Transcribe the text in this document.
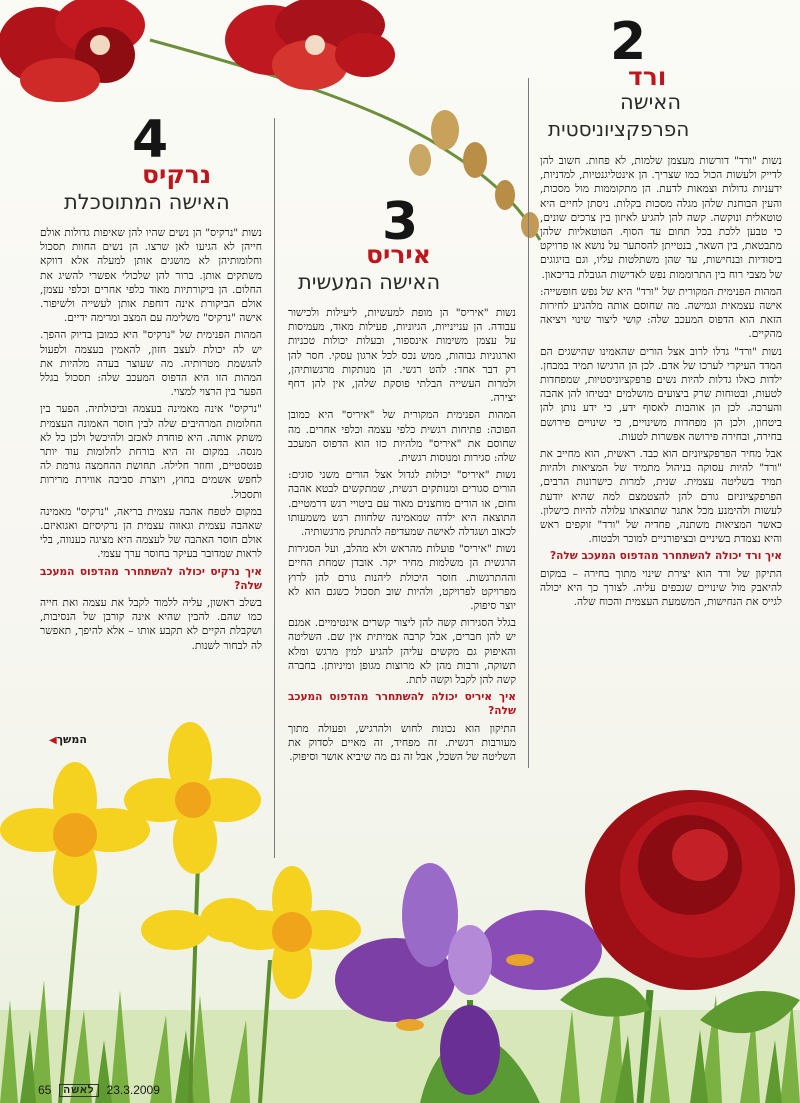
2
ורד
האישה
הפרפקציוניסטית

נשות "ורד" דורשות מעצמן שלמות, לא פחות. חשוב להן לדייק ולעשות הכול כמו שצריך. הן אינטליגנטיות, למדניות, ידעניות גדולות וצמאות לדעת. הן מתקוממות מול מסכות, והעין הבוחנת שלהן מגלה מסכות בקלות. ניסתן לחיים היא טוטאלית ונוקשה. קשה להן להגיע לאיזון בין צרכים שונים, כי טבען ללכת בכל תחום עד הסוף. הטוטאליות שלהן מתבטאת, בין השאר, בנטייתן להסתער על נושא או פרויקט ביסודיות ובנחישות, עד שהן משתלטות עליו, וגם בזיגוגים של מצבי רוח בין התרוממות נפש לאדישות הגובלת בדיכאון.

המהות הפנימית המקורית של "ורד" היא של נפש חופשייה: אישה עצמאית וגמישה. מה שחוסם אותה מלהגיע לחירות הזאת הוא הדפוס המעכב שלה: קושי ליצור שינוי ויציאה מהקיים.

נשות "ורד" גדלו לרוב אצל הורים שהאמינו שהישגים הם המדד העיקרי לערכו של אדם. לכן הן הרגישו תמיד במבחן. ילדות כאלו גדלות להיות נשים פרפקציוניסטיות, שמפחדות לטעות, ובטוחות שרק ביצועים מושלמים יבטיחו להן אהבה והערכה. לכן הן אוהבות לאסוף ידע, כי ידע נותן להן ביטחון, ולכן הן מפחדות משינויים, כי שינויים פירושם בחירה, ובחירה פירושה אפשרות לטעות.

אבל מחיר הפרפקציוניזם הוא כבד. ראשית, הוא מחייב את "ורד" להיות עסוקה בניהול מתמיד של המציאות ולהיות תמיד בשליטה עצמית. שנית, למרות כישרונות הרבים, הפרפקציוניזם גורם להן להצטמצם למה שהיא יודעת לעשות ולהימנע מכל אתגר שתוצאתו עלולה להיות כישלון. כאשר המציאות משתנה, פחדיה של "ורד" זוקפים ראש והיא נצמדת בשיניים ובציפורניים למוכר ולבטוח.

איך ורד יכולה להשתחרר מהדפוס המעכב שלה?

התיקון של ורד הוא יצירת שינוי מתוך בחירה – במקום להיאבק מול שינויים שנכפים עליה. לצורך כך היא יכולה לגייס את הנחישות, המשמעת העצמית והכוח שלה.

3
איריס
האישה המעשית

נשות "איריס" הן מופת למעשיות, ליעילות ולכישור עבודה. הן עניינייות, הגיוניות, פעילות מאוד, מעמיסות על עצמן משימות אינספור, ובעלות יכולות טכניות וארגוניות גבוהות, ממש נכס לכל ארגון עסקי. חסר להן רק דבר אחד: להט רגשי. הן מנותקות מרגשותיהן, ולמרות העשייה הבלתי פוסקת שלהן, אין להן דחף יצירה.

המהות הפנימית המקורית של "איריס" היא כמובן הפוכה: פתיחות רגשית כלפי עצמה וכלפי אחרים. מה שחוסם את "איריס" מלהיות כזו הוא הדפוס המעכב שלה: סגירות ומנוסות רגשית.

נשות "איריס" יכולות לגדול אצל הורים משני סוגים: הורים סגורים ומנותקים רגשית, שמתקשים לבטא אהבה וחום, או הורים מוחצנים מאוד עם ביטויי רגש דרמטיים. התוצאה היא ילדה שמאמינה שלחוות רגש משמעותו לכאוב ושגדלה לאישה שמעדיפה להתנתק מרגשותיה.

נשות "איריס" פועלות מהראש ולא מהלב, ועל הסגירות הרגשית הן משלמות מחיר יקר. אובדן שמחת החיים וההתרגשות. חוסר היכולת ליהנות גורם להן לרוץ מפרויקט לפרויקט, ולהיות שוב תסכול כשגם הוא לא יוצר סיפוק.

בגלל הסגירות קשה להן ליצור קשרים אינטימיים. אמנם יש להן חברים, אבל קרבה אמיתית אין שם. השליטה והאיפוק גם מקשים עליהן להגיע למין מרגש ומלא תשוקה, ורבות מהן לא מרוצות מגופן ומיניותן. בחברה קשה להן לקבל וקשה לתת.

איך איריס יכולה להשתחרר מהדפוס המעכב שלה?

התיקון הוא נכונות לחוש ולהרגיש, ופעולה מתוך מעורבות רגשית. זה מפחיד, זה מאיים לסדוק את השליטה של השכל, אבל זה גם מה שיביא אושר וסיפוק.

4
נרקיס
האישה המתוסכלת

נשות "נרקיס" הן נשים שהיו להן שאיפות גדולות אולם חייהן לא הגיעו לאן שרצו. הן נשים החוות תסכול וחלומותיהן לא מושגים אותן למעלה אלא דווקא משתקים אותן. ברור להן שלכולי אפשרי להשיג את החלום. הן ביקורתיות מאוד כלפי אחרים וכלפי עצמן, אולם הביקורת אינה דוחפת אותן לעשייה ולשיפור. אישה "נרקיס" משלימה עם המצב ומרימה ידיים.

המהות הפנימית של "נרקיס" היא כמובן בדיוק ההפך. יש לה יכולת לעצב חזון, להאמין בעצמה ולפעול להגשמת מטרותיה. מה שעוצר בעדה מלהיות את המהות הזו היא הדפוס המעכב שלה: תסכול בגלל הפער בין הרצוי למצוי.

"נרקיס" אינה מאמינה בעצמה וביכולתיה. הפער בין החלומות המרהיבים שלה לבין חוסר האמונה העצמית משתק אותה. היא פוחדת לאכזב ולהיכשל ולכן כל לא מנסה. במקום זה היא בורחת לחלומות עוד יותר פנטסטיים, וחוזר חלילה. תחושת ההחמצה גורמת לה לחפש אשמים בחוץ, ויוצרת סביבה אווירת מרירות ותסכול.

במקום לטפח אהבה עצמית בריאה, "נרקיס" מאמינה שאהבה עצמית וגאווה עצמית הן נרקיסיזם ואגואיזם. אולם חוסר האהבה של לעצמה היא מציגה כענווה, בלי לראות שמדובר בעיקר בחוסר ערך עצמי.

איך נרקיס יכולה להשתחרר מהדפוס המעכב שלה?

בשלב ראשון, עליה ללמוד לקבל את עצמה ואת חייה כמו שהם. להבין שהיא אינה קורבן של הנסיבות, ושקבלת הקיים לא תקבע אותו – אלא להיפך, תאפשר לה לבחור לשנות.

המשך◀
65	לאשה	23.3.2009
